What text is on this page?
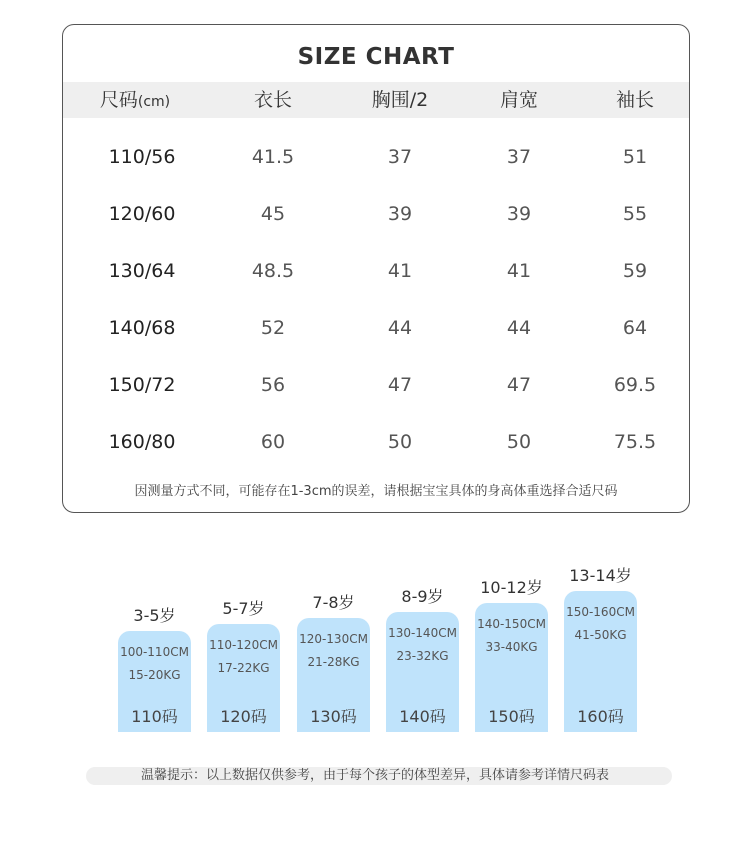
SIZE CHART
尺码(cm)	衣长	胸围/2	肩宽	袖长
110/56	41.5	37	37	51
120/60	45	39	39	55
130/64	48.5	41	41	59
140/68	52	44	44	64
150/72	56	47	47	69.5
160/80	60	50	50	75.5
因测量方式不同，可能存在1-3cm的误差，请根据宝宝具体的身高体重选择合适尺码
3-5岁
100-110CM
15-20KG
110码
5-7岁
110-120CM
17-22KG
120码
7-8岁
120-130CM
21-28KG
130码
8-9岁
130-140CM
23-32KG
140码
10-12岁
140-150CM
33-40KG
150码
13-14岁
150-160CM
41-50KG
160码
温馨提示：以上数据仅供参考，由于每个孩子的体型差异，具体请参考详情尺码表
